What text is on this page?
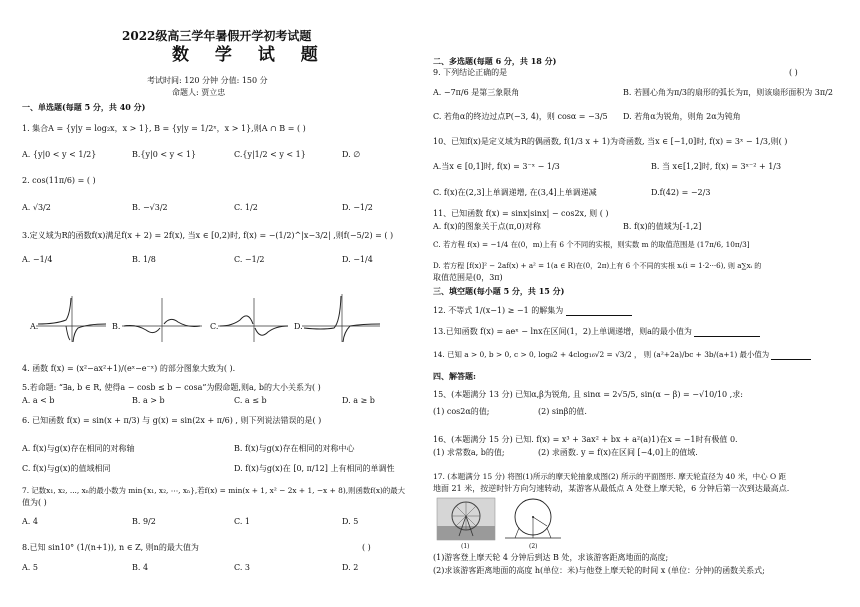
2022级高三学年暑假开学初考试题
数 学 试 题
考试时间: 120 分钟 分值: 150 分
命题人: 贾立忠
一、单选题(每题 5 分，共 40 分)
1. 集合A = {y|y = log₂x，x > 1}, B = {y|y = 1/2ˣ，x > 1},则A ∩ B = ( )
A. {y|0 < y < 1/2}	B.{y|0 < y < 1}	C.{y|1/2 < y < 1}	D. ∅
2. cos(11π/6) = ( )
A. √3/2	B. −√3/2	C. 1/2	D. −1/2
3.定义域为R的函数f(x)满足f(x + 2) = 2f(x), 当x ∈ [0,2)时, f(x) = −(1/2)^|x−3/2| ,则f(−5/2) = ( )
A. −1/4	B. 1/8	C. −1/2	D. −1/4
A.	B.	C.	D.
4. 函数 f(x) = (x²−ax²+1)/(eˣ−e⁻ˣ) 的部分图象大致为( ).
5.若命题: “∃a, b ∈ R, 使得a − cosb ≤ b − cosa”为假命题,则a, b的大小关系为( )
A. a < b	B. a > b	C. a ≤ b	D. a ≥ b
6. 已知函数 f(x) = sin(x + π/3) 与 g(x) = sin(2x + π/6) , 则下列说法错误的是( )
A. f(x)与g(x)存在相同的对称轴	B. f(x)与g(x)存在相同的对称中心
C. f(x)与g(x)的值域相同	D. f(x)与g(x)在 [0, π/12] 上有相同的单调性
7. 记数x₁, x₂, ..., xₙ的最小数为 min{x₁, x₂, ⋯, xₙ},若f(x) = min(x + 1, x² − 2x + 1, −x + 8),则函数f(x)的最大
值为( )
A. 4	B. 9/2	C. 1	D. 5
8.已知 sin10° (1/(n+1)), n ∈ Z, 则n的最大值为	( )
A. 5	B. 4	C. 3	D. 2
二、多选题(每题 6 分，共 18 分)
9. 下列结论正确的是	( )
A. −7π/6 是第三象限角	B. 若圆心角为π/3的扇形的弧长为π，则该扇形面积为 3π/2
C. 若角α的终边过点P(−3, 4)，则 cosα = −3/5 D. 若角α为锐角，则角 2α为钝角
10、已知f(x)是定义域为R的偶函数, f(1/3 x + 1)为奇函数, 当x ∈ [−1,0]时, f(x) = 3ˣ − 1/3,则( )
A.当x ∈ [0,1]时, f(x) = 3⁻ˣ − 1/3	B. 当 x∈[1,2]时, f(x) = 3ˣ⁻² + 1/3
C. f(x)在(2,3]上单调递增, 在(3,4]上单调递减	D.f(42) = −2/3
11、已知函数 f(x) = sinx|sinx| − cos2x, 则 ( )
A. f(x)的图象关于点(π,0)对称	B. f(x)的值域为[-1,2]
C. 若方程 f(x) = −1/4 在(0，m)上有 6 个不同的实根，则实数 m 的取值范围是 (17π/6, 10π/3]
D. 若方程 [f(x)]² − 2af(x) + a² = 1(a ∈ R)在(0，2π)上有 6 个不同的实根 xᵢ(i = 1·2···6), 则 a∑xᵢ 的
取值范围是(0，3π)
三、填空题(每小题 5 分，共 15 分)
12. 不等式 1/(x−1) ≥ −1 的解集为
13.已知函数 f(x) = aeˣ − lnx在区间(1，2)上单调递增，则a的最小值为
14. 已知 a > 0, b > 0, c > 0, log₈2 + 4clog₁₆√2 = √3/2 ， 则 (a²+2a)/bc + 3b/(a+1) 最小值为
四、解答题:
15、(本题满分 13 分) 已知α,β为锐角, 且 sinα = 2√5/5, sin(α − β) = −√10/10 ,求:
(1) cos2α的值;	(2) sinβ的值.
16、(本题满分 15 分) 已知. f(x) = x³ + 3ax² + bx + a²(a)1)在x = −1时有极值 0.
(1) 求常数a, b的值;	(2) 求函数. y = f(x)在区间 [−4,0]上的值域.
17. (本题满分 15 分) 将图(1)所示的摩天轮抽象成图(2) 所示的平面图形. 摩天轮直径为 40 米，中心 O 距
地面 21 米，按逆时针方向匀速转动，某游客从最低点 A 处登上摩天轮，6 分钟后第一次到达最高点.
(1)	(2)
(1)游客登上摩天轮 4 分钟后到达 B 处，求该游客距离地面的高度;
(2)求该游客距离地面的高度 h(单位：米)与他登上摩天轮的时间 x (单位：分钟)的函数关系式;
